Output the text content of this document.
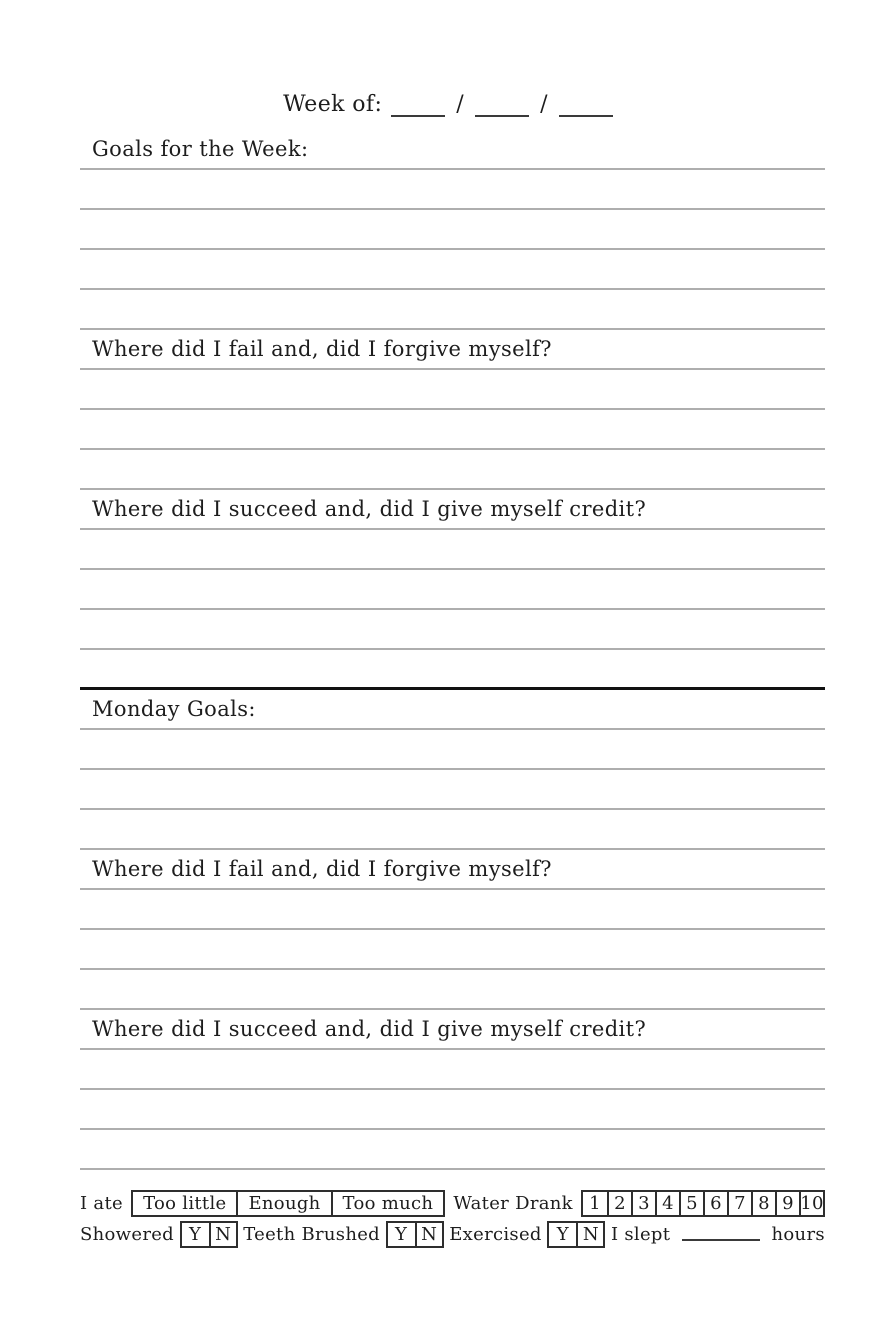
Week of:	/	/
Goals for the Week:
Where did I fail and, did I forgive myself?
Where did I succeed and, did I give myself credit?
Monday Goals:
Where did I fail and, did I forgive myself?
Where did I succeed and, did I give myself credit?
I ate	Too little	Enough	Too much	Water Drank 1 2 3 4 5 6 7 8 9 10
Showered Y N Teeth Brushed Y N Exercised Y N I slept	hours
